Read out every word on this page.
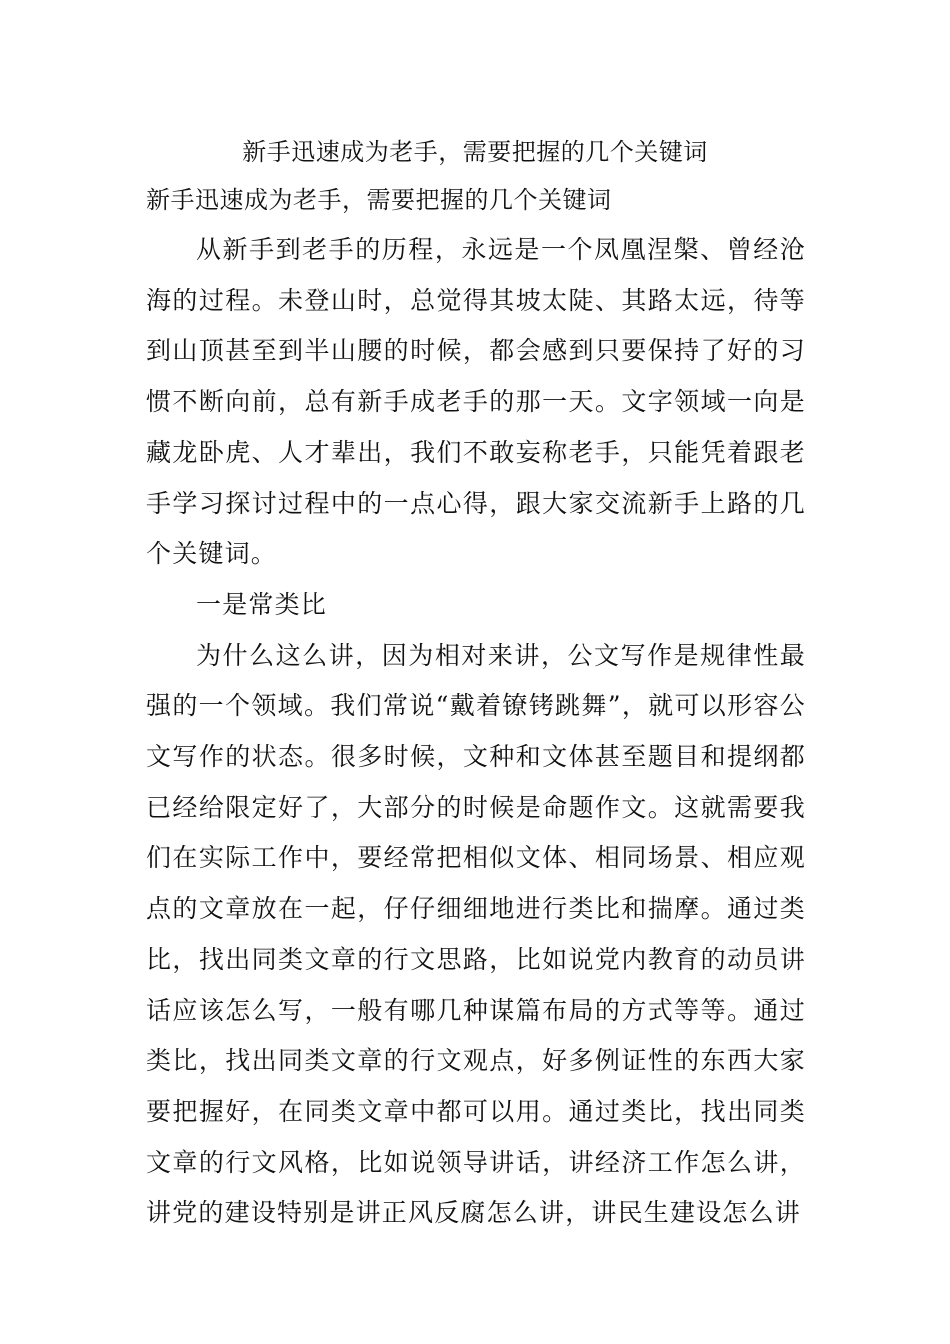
新手迅速成为老手，需要把握的几个关键词
新手迅速成为老手，需要把握的几个关键词

从新手到老手的历程，永远是一个凤凰涅槃、曾经沧海的过程。未登山时，总觉得其坡太陡、其路太远，待等到山顶甚至到半山腰的时候，都会感到只要保持了好的习惯不断向前，总有新手成老手的那一天。文字领域一向是藏龙卧虎、人才辈出，我们不敢妄称老手，只能凭着跟老手学习探讨过程中的一点心得，跟大家交流新手上路的几个关键词。

一是常类比

为什么这么讲，因为相对来讲，公文写作是规律性最强的一个领域。我们常说“戴着镣铐跳舞”，就可以形容公文写作的状态。很多时候，文种和文体甚至题目和提纲都已经给限定好了，大部分的时候是命题作文。这就需要我们在实际工作中，要经常把相似文体、相同场景、相应观点的文章放在一起，仔仔细细地进行类比和揣摩。通过类比，找出同类文章的行文思路，比如说党内教育的动员讲话应该怎么写，一般有哪几种谋篇布局的方式等等。通过类比，找出同类文章的行文观点，好多例证性的东西大家要把握好，在同类文章中都可以用。通过类比，找出同类文章的行文风格，比如说领导讲话，讲经济工作怎么讲，讲党的建设特别是讲正风反腐怎么讲，讲民生建设怎么讲
